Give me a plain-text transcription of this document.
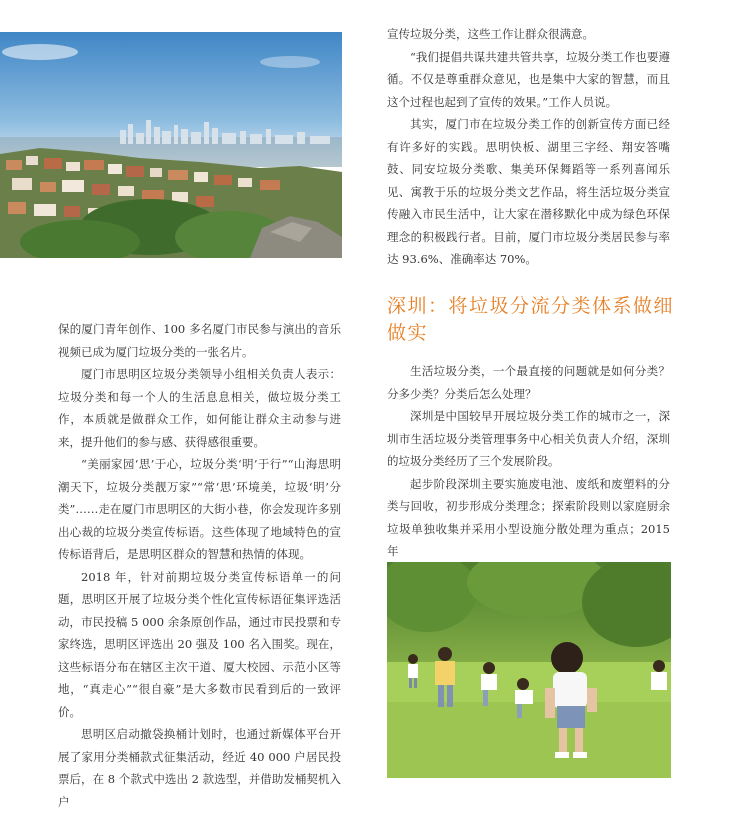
保的厦门青年创作、100 多名厦门市民参与演出的音乐视频已成为厦门垃圾分类的一张名片。

厦门市思明区垃圾分类领导小组相关负责人表示：垃圾分类和每一个人的生活息息相关，做垃圾分类工作，本质就是做群众工作，如何能让群众主动参与进来，提升他们的参与感、获得感很重要。

“美丽家园‘思’于心，垃圾分类‘明’于行”“山海思明潮天下，垃圾分类靓万家”“常‘思’环境美，垃圾‘明’分类”……走在厦门市思明区的大街小巷，你会发现许多别出心裁的垃圾分类宣传标语。这些体现了地域特色的宣传标语背后，是思明区群众的智慧和热情的体现。

2018 年，针对前期垃圾分类宣传标语单一的问题，思明区开展了垃圾分类个性化宣传标语征集评选活动，市民投稿 5 000 余条原创作品，通过市民投票和专家终选，思明区评选出 20 强及 100 名入围奖。现在，这些标语分布在辖区主次干道、厦大校园、示范小区等地，“真走心”“很自豪”是大多数市民看到后的一致评价。

思明区启动撤袋换桶计划时，也通过新媒体平台开展了家用分类桶款式征集活动，经近 40 000 户居民投票后，在 8 个款式中选出 2 款选型，并借助发桶契机入户

宣传垃圾分类，这些工作让群众很满意。

“我们提倡共谋共建共管共享，垃圾分类工作也要遵循。不仅是尊重群众意见，也是集中大家的智慧，而且这个过程也起到了宣传的效果。”工作人员说。

其实，厦门市在垃圾分类工作的创新宣传方面已经有许多好的实践。思明快板、湖里三字经、翔安答嘴鼓、同安垃圾分类歌、集美环保舞蹈等一系列喜闻乐见、寓教于乐的垃圾分类文艺作品，将生活垃圾分类宣传融入市民生活中，让大家在潜移默化中成为绿色环保理念的积极践行者。目前，厦门市垃圾分类居民参与率达 93.6%、准确率达 70%。

深圳：将垃圾分流分类体系做细做实

生活垃圾分类，一个最直接的问题就是如何分类？分多少类？分类后怎么处理？

深圳是中国较早开展垃圾分类工作的城市之一，深圳市生活垃圾分类管理事务中心相关负责人介绍，深圳的垃圾分类经历了三个发展阶段。

起步阶段深圳主要实施废电池、废纸和废塑料的分类与回收，初步形成分类理念；探索阶段则以家庭厨余垃圾单独收集并采用小型设施分散处理为重点；2015 年
